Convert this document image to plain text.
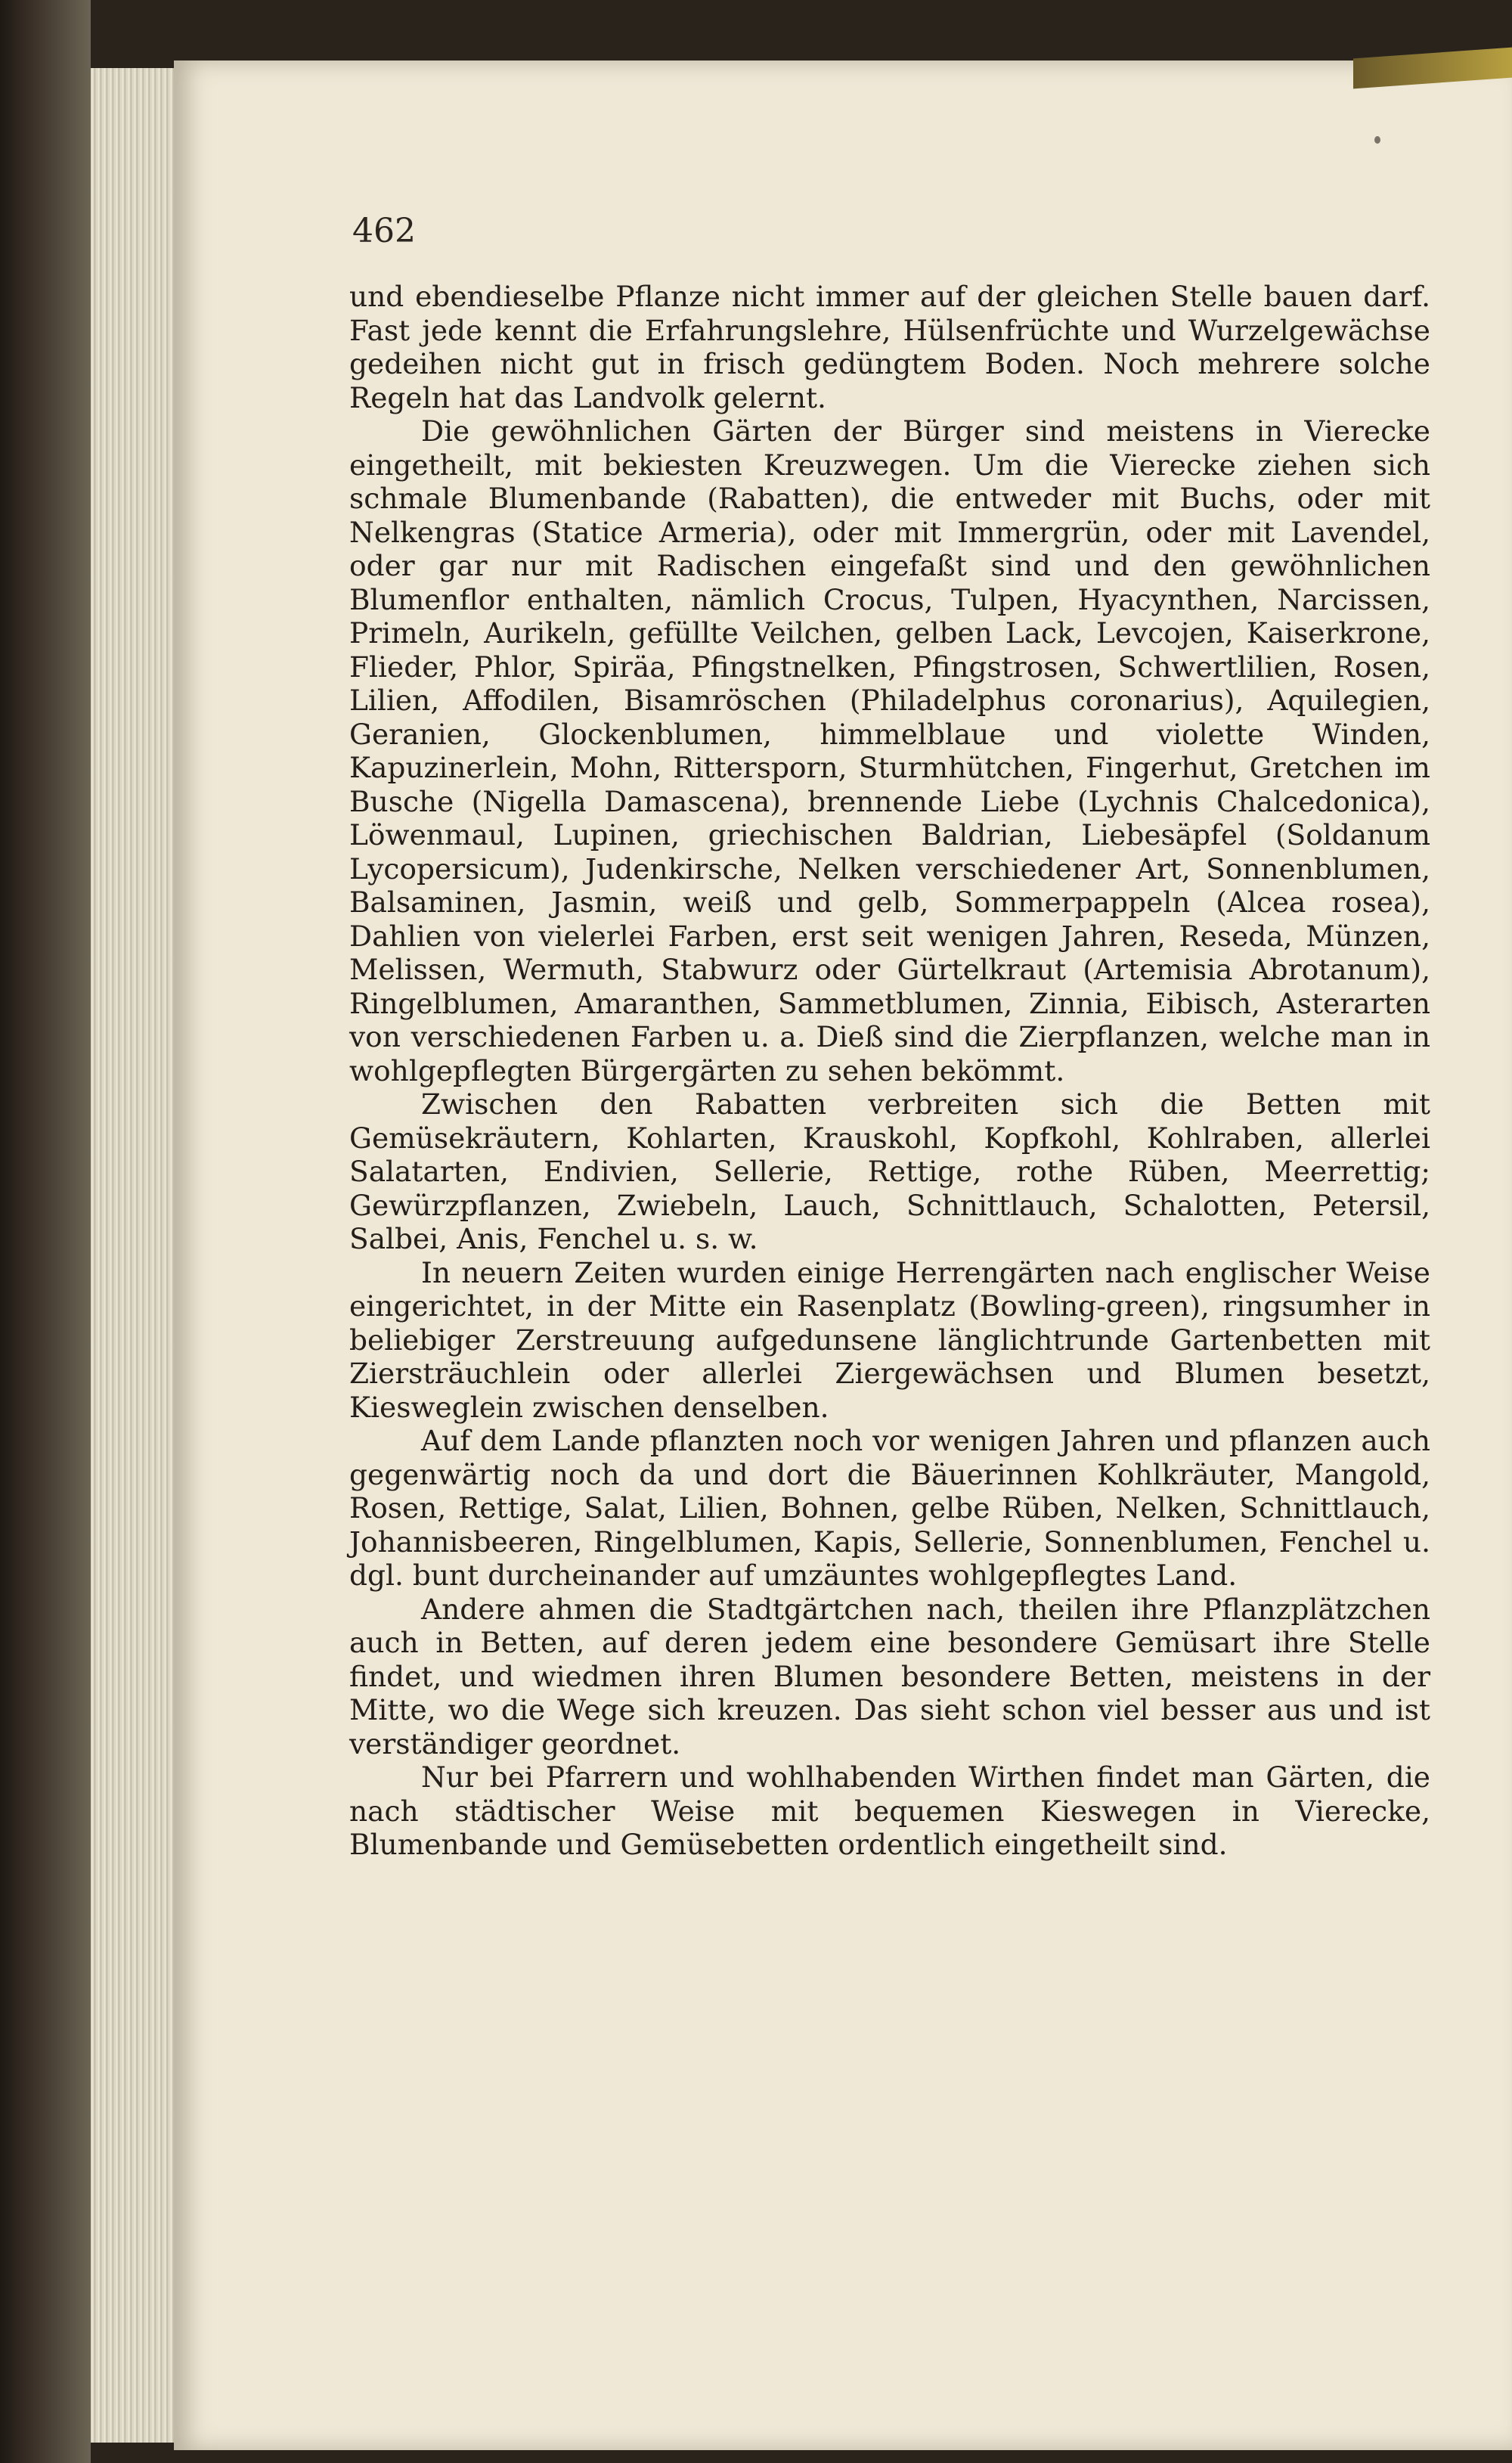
462

und ebendieselbe Pflanze nicht immer auf der gleichen Stelle bauen darf. Fast jede kennt die Erfahrungslehre, Hülsenfrüchte und Wurzelgewächse gedeihen nicht gut in frisch gedüngtem Boden. Noch mehrere solche Regeln hat das Landvolk gelernt.

Die gewöhnlichen Gärten der Bürger sind meistens in Vierecke eingetheilt, mit bekiesten Kreuzwegen. Um die Vierecke ziehen sich schmale Blumenbande (Rabatten), die entweder mit Buchs, oder mit Nelkengras (Statice Armeria), oder mit Immergrün, oder mit Lavendel, oder gar nur mit Radischen eingefaßt sind und den gewöhnlichen Blumenflor enthalten, nämlich Crocus, Tulpen, Hyacynthen, Narcissen, Primeln, Aurikeln, gefüllte Veilchen, gelben Lack, Levcojen, Kaiserkrone, Flieder, Phlor, Spiräa, Pfingstnelken, Pfingstrosen, Schwertlilien, Rosen, Lilien, Affodilen, Bisamröschen (Philadelphus coronarius), Aquilegien, Geranien, Glockenblumen, himmelblaue und violette Winden, Kapuzinerlein, Mohn, Rittersporn, Sturmhütchen, Fingerhut, Gretchen im Busche (Nigella Damascena), brennende Liebe (Lychnis Chalcedonica), Löwenmaul, Lupinen, griechischen Baldrian, Liebesäpfel (Soldanum Lycopersicum), Judenkirsche, Nelken verschiedener Art, Sonnenblumen, Balsaminen, Jasmin, weiß und gelb, Sommerpappeln (Alcea rosea), Dahlien von vielerlei Farben, erst seit wenigen Jahren, Reseda, Münzen, Melissen, Wermuth, Stabwurz oder Gürtelkraut (Artemisia Abrotanum), Ringelblumen, Amaranthen, Sammetblumen, Zinnia, Eibisch, Asterarten von verschiedenen Farben u. a. Dieß sind die Zierpflanzen, welche man in wohlgepflegten Bürgergärten zu sehen bekömmt.

Zwischen den Rabatten verbreiten sich die Betten mit Gemüsekräutern, Kohlarten, Krauskohl, Kopfkohl, Kohlraben, allerlei Salatarten, Endivien, Sellerie, Rettige, rothe Rüben, Meerrettig; Gewürzpflanzen, Zwiebeln, Lauch, Schnittlauch, Schalotten, Petersil, Salbei, Anis, Fenchel u. s. w.

In neuern Zeiten wurden einige Herrengärten nach englischer Weise eingerichtet, in der Mitte ein Rasenplatz (Bowling-green), ringsumher in beliebiger Zerstreuung aufgedunsene länglichtrunde Gartenbetten mit Ziersträuchlein oder allerlei Ziergewächsen und Blumen besetzt, Kiesweglein zwischen denselben.

Auf dem Lande pflanzten noch vor wenigen Jahren und pflanzen auch gegenwärtig noch da und dort die Bäuerinnen Kohlkräuter, Mangold, Rosen, Rettige, Salat, Lilien, Bohnen, gelbe Rüben, Nelken, Schnittlauch, Johannisbeeren, Ringelblumen, Kapis, Sellerie, Sonnenblumen, Fenchel u. dgl. bunt durcheinander auf umzäuntes wohlgepflegtes Land.

Andere ahmen die Stadtgärtchen nach, theilen ihre Pflanzplätzchen auch in Betten, auf deren jedem eine besondere Gemüsart ihre Stelle findet, und wiedmen ihren Blumen besondere Betten, meistens in der Mitte, wo die Wege sich kreuzen. Das sieht schon viel besser aus und ist verständiger geordnet.

Nur bei Pfarrern und wohlhabenden Wirthen findet man Gärten, die nach städtischer Weise mit bequemen Kieswegen in Vierecke, Blumenbande und Gemüsebetten ordentlich eingetheilt sind.
